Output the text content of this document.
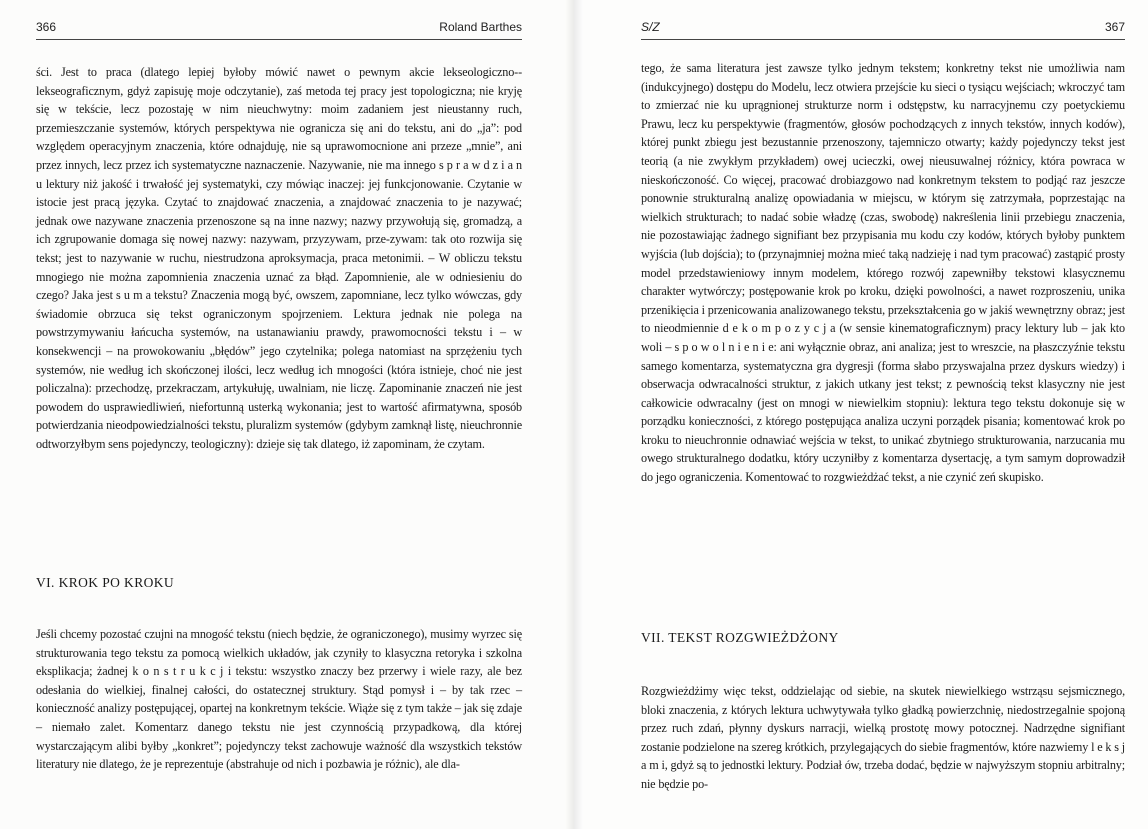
366	Roland Barthes

ści. Jest to praca (dlatego lepiej byłoby mówić nawet o pewnym akcie lekseologiczno--lekseograficznym, gdyż zapisuję moje odczytanie), zaś metoda tej pracy jest topologiczna; nie kryję się w tekście, lecz pozostaję w nim nieuchwytny: moim zadaniem jest nieustanny ruch, przemieszczanie systemów, których perspektywa nie ogranicza się ani do tekstu, ani do „ja”: pod względem operacyjnym znaczenia, które odnajduję, nie są uprawomocnione ani przeze „mnie”, ani przez innych, lecz przez ich systematyczne naznaczenie. Nazywanie, nie ma innego s p r a w d z i a n u lektury niż jakość i trwałość jej systematyki, czy mówiąc inaczej: jej funkcjonowanie. Czytanie w istocie jest pracą języka. Czytać to znajdować znaczenia, a znajdować znaczenia to je nazywać; jednak owe nazywane znaczenia przenoszone są na inne nazwy; nazwy przywołują się, gromadzą, a ich zgrupowanie domaga się nowej nazwy: nazywam, przyzywam, prze-zywam: tak oto rozwija się tekst; jest to nazywanie w ruchu, niestrudzona aproksymacja, praca metonimii. – W obliczu tekstu mnogiego nie można zapomnienia znaczenia uznać za błąd. Zapomnienie, ale w odniesieniu do czego? Jaka jest s u m a tekstu? Znaczenia mogą być, owszem, zapomniane, lecz tylko wówczas, gdy świadomie obrzuca się tekst ograniczonym spojrzeniem. Lektura jednak nie polega na powstrzymywaniu łańcucha systemów, na ustanawianiu prawdy, prawomocności tekstu i – w konsekwencji – na prowokowaniu „błędów” jego czytelnika; polega natomiast na sprzężeniu tych systemów, nie według ich skończonej ilości, lecz według ich mnogości (która istnieje, choć nie jest policzalna): przechodzę, przekraczam, artykułuję, uwalniam, nie liczę. Zapominanie znaczeń nie jest powodem do usprawiedliwień, niefortunną usterką wykonania; jest to wartość afirmatywna, sposób potwierdzania nieodpowiedzialności tekstu, pluralizm systemów (gdybym zamknął listę, nieuchronnie odtworzyłbym sens pojedynczy, teologiczny): dzieje się tak dlatego, iż zapominam, że czytam.

VI. KROK PO KROKU

Jeśli chcemy pozostać czujni na mnogość tekstu (niech będzie, że ograniczonego), musimy wyrzec się strukturowania tego tekstu za pomocą wielkich układów, jak czyniły to klasyczna retoryka i szkolna eksplikacja; żadnej k o n s t r u k c j i tekstu: wszystko znaczy bez przerwy i wiele razy, ale bez odesłania do wielkiej, finalnej całości, do ostatecznej struktury. Stąd pomysł i – by tak rzec – konieczność analizy postępującej, opartej na konkretnym tekście. Wiąże się z tym także – jak się zdaje – niemało zalet. Komentarz danego tekstu nie jest czynnością przypadkową, dla której wystarczającym alibi byłby „konkret”; pojedynczy tekst zachowuje ważność dla wszystkich tekstów literatury nie dlatego, że je reprezentuje (abstrahuje od nich i pozbawia je różnic), ale dla-

S/Z	367

tego, że sama literatura jest zawsze tylko jednym tekstem; konkretny tekst nie umożliwia nam (indukcyjnego) dostępu do Modelu, lecz otwiera przejście ku sieci o tysiącu wejściach; wkroczyć tam to zmierzać nie ku uprągnionej strukturze norm i odstępstw, ku narracyjnemu czy poetyckiemu Prawu, lecz ku perspektywie (fragmentów, głosów pochodzących z innych tekstów, innych kodów), której punkt zbiegu jest bezustannie przenoszony, tajemniczo otwarty; każdy pojedynczy tekst jest teorią (a nie zwykłym przykładem) owej ucieczki, owej nieusuwalnej różnicy, która powraca w nieskończoność. Co więcej, pracować drobiazgowo nad konkretnym tekstem to podjąć raz jeszcze ponownie strukturalną analizę opowiadania w miejscu, w którym się zatrzymała, poprzestając na wielkich strukturach; to nadać sobie władzę (czas, swobodę) nakreślenia linii przebiegu znaczenia, nie pozostawiając żadnego signifiant bez przypisania mu kodu czy kodów, których byłoby punktem wyjścia (lub dojścia); to (przynajmniej można mieć taką nadzieję i nad tym pracować) zastąpić prosty model przedstawieniowy innym modelem, którego rozwój zapewniłby tekstowi klasycznemu charakter wytwórczy; postępowanie krok po kroku, dzięki powolności, a nawet rozproszeniu, unika przenikięcia i przenicowania analizowanego tekstu, przekształcenia go w jakiś wewnętrzny obraz; jest to nieodmiennie d e k o m p o z y c j a (w sensie kinematograficznym) pracy lektury lub – jak kto woli – s p o w o l n i e n i e: ani wyłącznie obraz, ani analiza; jest to wreszcie, na płaszczyźnie tekstu samego komentarza, systematyczna gra dygresji (forma słabo przyswajalna przez dyskurs wiedzy) i obserwacja odwracalności struktur, z jakich utkany jest tekst; z pewnością tekst klasyczny nie jest całkowicie odwracalny (jest on mnogi w niewielkim stopniu): lektura tego tekstu dokonuje się w porządku konieczności, z którego postępująca analiza uczyni porządek pisania; komentować krok po kroku to nieuchronnie odnawiać wejścia w tekst, to unikać zbytniego strukturowania, narzucania mu owego strukturalnego dodatku, który uczyniłby z komentarza dysertację, a tym samym doprowadził do jego ograniczenia. Komentować to rozgwieżdżać tekst, a nie czynić zeń skupisko.

VII. TEKST ROZGWIEŻDŻONY

Rozgwieżdżimy więc tekst, oddzielając od siebie, na skutek niewielkiego wstrząsu sejsmicznego, bloki znaczenia, z których lektura uchwytywała tylko gładką powierzchnię, niedostrzegalnie spojoną przez ruch zdań, płynny dyskurs narracji, wielką prostotę mowy potocznej. Nadrzędne signifiant zostanie podzielone na szereg krótkich, przylegających do siebie fragmentów, które nazwiemy l e k s j a m i, gdyż są to jednostki lektury. Podział ów, trzeba dodać, będzie w najwyższym stopniu arbitralny; nie będzie po-
